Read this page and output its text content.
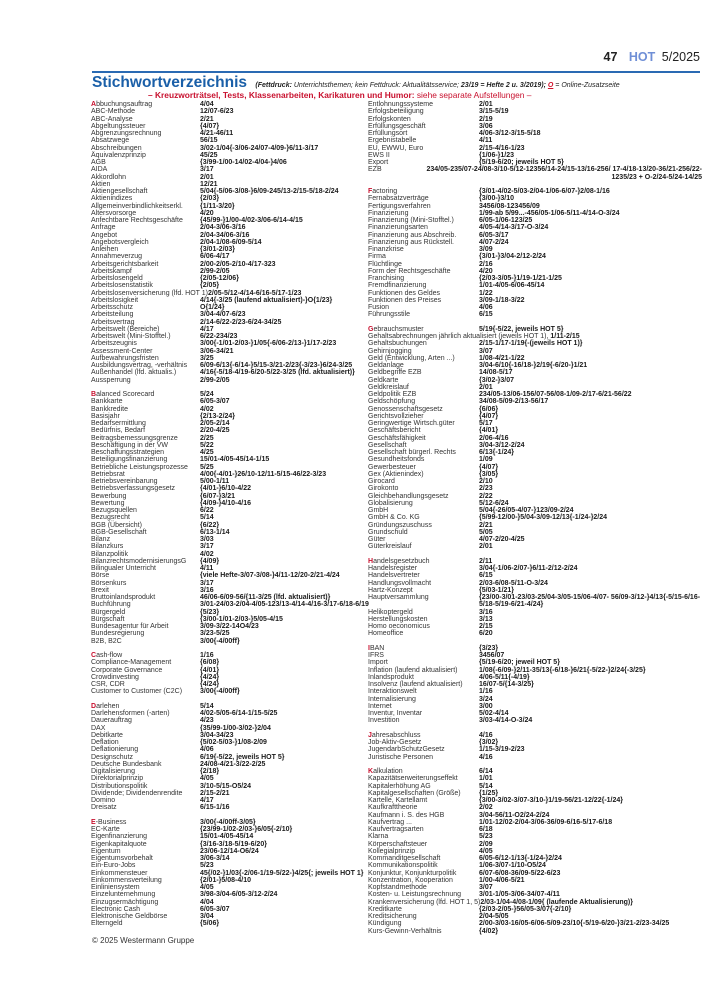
47 HOT 5/2025
Stichwortverzeichnis (Fettdruck: Unterrichtsthemen; kein Fettdruck: Aktualitätsservice; 23/19 = Hefte 2 u. 3/2019); O = Online-Zusatzseite
– Kreuzworträtsel, Tests, Klassenarbeiten, Karikaturen und Humor: siehe separate Aufstellungen –
Abbuchungsauftrag	4/04
ABC-Methode	12/07-6/23
ABC-Analyse	2/21
Abgeltungssteuer	{4/07}
Abgrenzungsrechnung	4/21-46/11
Absatzwege	56/15
Abschreibungen	3/02-1/04{-3/06-24/07-4/09-}6/11-3/17
Äquivalenzprinzip	45/25
AGB	{3/99-1/00-14/02-4/04-}4/06
AIDA	3/17
Akkordlohn	2/01
Aktien	12/21
Aktiengesellschaft	5/04{-5/06-3/08-}6/09-245/13-2/15-5/18-2/24
Aktienindizes	{2/03}
Allgemeinverbindlichkeitserkl.	{1/11-3/20}
Altersvorsorge	4/20
Anfechtbare Rechtsgeschäfte	{45/99-}1/00-4/02-3/06-6/14-4/15
Anfrage	2/04-3/06-3/16
Angebot	2/04-34/06-3/16
Angebotsvergleich	2/04-1/08-6/09-5/14
Anleihen	{3/01-2/03}
Annahmeverzug	6/06-4/17
Arbeitsgerichtsbarkeit	2/00-2/05-2/10-4/17-323
Arbeitskampf	2/99-2/05
Arbeitslosengeld	{2/05-12/06}
Arbeitslosenstatistik	{2/05}
Arbeitslosenversicherung (lfd. HOT 1) 2/05-5/12-4/14-6/16-5/17-1/23
Arbeitslosigkeit	4/14{-3/25 (laufend aktualisiert)-}O{1/23}
Arbeitsschutz	O{1/24}
Arbeitsteilung	3/04-4/07-6/23
Arbeitsvertrag	2/14-6/22-2/23-6/24-34/25
Arbeitswelt (Bereiche)	4/17
Arbeitswelt (Mini-Stofftel.)	6/22-234/23
Arbeitszeugnis	3/00{-1/01-2/03-}1/05{-6/06-2/13-}1/17-2/23
Assessment-Center	3/06-34/21
Aufbewahrungsfristen	3/25
Ausbildungsvertrag, -verhältnis	6/09-6/13{-6/14-}5/15-3/21-2/23{-3/23-}6/24-3/25
Außenhandel (lfd. aktualis.)	4/16{-5/18-4/19-6/20-5/22-3/25 (lfd. aktualisiert)}
Aussperrung	2/99-2/05
Balanced Scorecard	5/24
Bankkarte	6/05-3/07
Bankkredite	4/02
Basisjahr	{2/13-2/24}
Bedarfsermittlung	2/05-2/14
Bedürfnis, Bedarf	2/20-4/25
Beitragsbemessungsgrenze	2/25
Beschäftigung in der VW	5/22
Beschaffungsstrategien	4/25
Beteiligungsfinanzierung	15/01-4/05-45/14-1/15
Betriebliche Leistungsprozesse	5/25
Betriebsrat	4/00{-4/01-}26/10-12/11-5/15-46/22-3/23
Betriebsvereinbarung	5/00-1/11
Betriebsverfassungsgesetz	{4/01-}6/10-4/22
Bewerbung	{6/07-}3/21
Bewertung	{4/09-}4/10-4/16
Bezugsquellen	6/22
Bezugsrecht	5/14
BGB (Übersicht)	{6/22}
BGB-Gesellschaft	6/13-1/14
Bilanz	3/03
Bilanzkurs	3/17
Bilanzpolitik	4/02
BilanzrechtsmodernisierungsG	{4/09}
Bilingualer Unterricht	4/11
Börse	{viele Hefte-3/07-3/08-}4/11-12/20-2/21-4/24
Börsenkurs	3/17
Brexit	3/16
Bruttoinlandsprodukt	46/06-6/09-56/{11-3/25 (lfd. aktualisiert)}
Buchführung	3/01-24/03-2/04-4/05-123/13-4/14-4/16-3/17-6/18-6/19
Bürgergeld	{5/23}
Bürgschaft	{3/00-1/01-2/03-}5/05-4/15
Bundesagentur für Arbeit	3/09-3/22-14O4/23
Bundesregierung	3/23-5/25
B2B, B2C	3/00{-4/00ff}
Cash-flow	1/16
Compliance-Management	{6/08}
Corporate Governance	{4/01}
Crowdinvesting	{4/24}
CSR, CDR	{4/24}
Customer to Customer (C2C)	3/00{-4/00ff}
Darlehen	5/14
Darlehensformen (-arten)	4/02-5/05-6/14-1/15-5/25
Dauerauftrag	4/23
DAX	{35/99-1/00-3/02-}2/04
Debitkarte	3/04-34/23
Deflation	{5/02-5/03-}1/08-2/09
Deflationierung	4/06
Designschutz	6/19{-5/22, jeweils HOT 5}
Deutsche Bundesbank	24/08-4/21-3/22-2/25
Digitalisierung	{2/18}
Direktorialprinzip	4/05
Distributionspolitik	3/10-5/15-O5/24
Dividende; Dividendenrendite	2/15-2/21
Domino	4/17
Dreisatz	6/15-1/16
E-Business	3/00{-4/00ff-3/05}
EC-Karte	{23/99-1/02-2/03-}6/05{-2/10}
Eigenfinanzierung	15/01-4/05-45/14
Eigenkapitalquote	{3/16-3/18-5/19-6/20}
Eigentum	23/06-12/14-O6/24
Eigentumsvorbehalt	3/06-3/14
Ein-Euro-Jobs	5/23
Einkommensteuer	45{/02-}1/03{-2/06-1/19-5/22-}4/25{; jeweils HOT 1}
Einkommensverteilung	{2/01-}5/08-4/10
Einliniensystem	4/05
Einzelunternehmung	3/98-3/04-6/05-3/12-2/24
Einzugsermächtigung	4/04
Electronic Cash	6/05-3/07
Elektronische Geldbörse	3/04
Elterngeld	{5/06}
Entlohnungssysteme	2/01
Erfolgsbeteiligung	3/15-5/19
Erfolgskonten	2/19
Erfüllungsgeschäft	3/06
Erfüllungsort	4/06-3/12-3/15-5/18
Ergebnistabelle	4/11
EU, EWWU, Euro	2/15-4/16-1/23
EWS II	{1/06-}1/23
Export	{5/19-6/20; jeweils HOT 5}
EZB	234/05-235/07-24/08-3/10-5/12-12356/14-24/15-13/16-256/ 17-4/18-13/20-36/21-256/22-1235/23 + O-2/24-5/24-14/25
Factoring	{3/01-4/02-5/03-2/04-1/06-6/07-}2/08-1/16
Fernabsatzverträge	{3/00-}3/10
Fertigungsverfahren	3456/08-123456/09
Finanzierung	1/99-ab 5/99...-456/05-1/06-5/11-4/14-O-3/24
Finanzierung (Mini-Stofftel.)	6/05-1/06-123/25
Finanzierungsarten	4/05-4/14-3/17-O-3/24
Finanzierung aus Abschreib.	6/05-3/17
Finanzierung aus Rückstell.	4/07-2/24
Finanzkrise	3/09
Firma	{3/01-}3/04-2/12-2/24
Flüchtlinge	2/16
Form der Rechtsgeschäfte	4/20
Franchising	{2/03-3/05-}1/19-1/21-1/25
Fremdfinanzierung	1/01-4/05-6/06-45/14
Funktionen des Geldes	1/22
Funktionen des Preises	3/09-1/18-3/22
Fusion	4/06
Führungsstile	6/15
Gebrauchsmuster	5/19{-5/22, jeweils HOT 5}
Gehaltsabrechnungen jährlich aktualisiert (jeweils HOT 1), 1/11-2/15
Gehaltsbuchungen	2/15-1/17-1/19{-(jeweils HOT 1)}
Gehirnjogging	3/07
Geld (Entwicklung, Arten ...)	1/08-4/21-1/22
Geldanlage	3/04-6/10{-16/18-}2/19{-6/20-}1/21
Geldbegriffe EZB	14/08-5/17
Geldkarte	{3/02-}3/07
Geldkreislauf	2/01
Geldpolitik EZB	234/05-13/06-156/07-56/08-1/09-2/17-6/21-56/22
Geldschöpfung	34/08-5/09-2/13-56/17
Genossenschaftsgesetz	{6/06}
Gerichtsvollzieher	{4/07}
Geringwertige Wirtsch.güter	5/17
Geschäftsbericht	{4/01}
Geschäftsfähigkeit	2/06-4/16
Gesellschaft	3/04-3/12-2/24
Gesellschaft bürgerl. Rechts	6/13{-1/24}
Gesundheitsfonds	1/09
Gewerbesteuer	{4/07}
Gex (Aktienindex)	{3/05}
Girocard	2/10
Girokonto	2/23
Gleichbehandlungsgesetz	2/22
Globalisierung	5/12-6/24
GmbH	5/04{-26/05-4/07-}123/09-2/24
GmbH & Co. KG	{5/99-12/00-}5/04-3/09-12/13{-1/24-}2/24
Gründungszuschuss	2/21
Grundschuld	5/05
Güter	4/07-2/20-4/25
Güterkreislauf	2/01
Handelsgesetzbuch	2/11
Handelsregister	3/04{-1/06-2/07-}6/11-2/12-2/24
Handelsvertreter	6/15
Handlungsvollmacht	2/03-6/08-5/11-O-3/24
Hartz-Konzept	{5/03-1/21}
Hauptversammlung	{23/00-3/01-23/03-25/04-3/05-15/06-4/07- 56/09-3/12-}4/13{-5/15-6/16-5/18-5/19-6/21-4/24}
Helikoptergeld	3/16
Herstellungskosten	3/13
Homo oeconomicus	2/15
Homeoffice	6/20
IBAN	{3/23}
IFRS	3456/07
Import	{5/19-6/20; jeweil HOT 5}
Inflation (laufend aktualisiert)	1/08{-6/09-}2/11-35/13{-6/18-}6/21{-5/22-}2/24{-3/25}
Inlandsprodukt	4/06-5/11{-4/19}
Insolvenz (laufend aktualisiert)	16/07-5/{14-3/25}
Interaktionswelt	1/16
Internalisierung	3/24
Internet	3/00
Inventur, Inventar	5/02-4/14
Investition	3/03-4/14-O-3/24
Jahresabschluss	4/16
Job-Aktiv-Gesetz	{3/02}
JugendarbSchutzGesetz	1/15-3/19-2/23
Juristische Personen	4/16
Kalkulation	6/14
Kapazitätserweiterungseffekt	1/01
Kapitalerhöhung AG	5/14
Kapitalgesellschaften (Größe)	{1/25}
Kartelle, Kartellamt	{3/00-3/02-3/07-3/10-}1/19-56/21-12/22{-1/24}
Kaufkrafttheorie	2/02
Kaufmann i. S. des HGB	3/04-56/11-O2/24-2/24
Kaufvertrag ...	1/01-12/02-2/04-3/06-36/09-6/16-5/17-6/18
Kaufvertragsarten	6/18
Klarna	5/23
Körperschaftsteuer	2/09
Kollegialprinzip	4/05
Kommanditgesellschaft	6/05-6/12-1/13{-1/24-}2/24
Kommunikationspolitik	1/06-3/07-1/10-O5/24
Konjunktur, Konjunkturpolitik	6/07-6/08-36/09-5/22-6/23
Konzentration, Kooperation	1/00-4/06-5/21
Kopfstandmethode	3/07
Kosten- u. Leistungsrechnung	3/01-1/05-3/06-34/07-4/11
Krankenversicherung (lfd. HOT 1, 5) 2/03-1/04-4/08-1/09{ (laufende Aktualisierung)}
Kreditkarte	{2/03-2/05-}56/05-3/07{-2/10}
Kreditsicherung	2/04-5/05
Kündigung	2/00-3/03-16/05-6/06-5/09-23/10{-5/19-6/20-}3/21-2/23-34/25
Kurs-Gewinn-Verhältnis	{4/02}
© 2025 Westermann Gruppe
